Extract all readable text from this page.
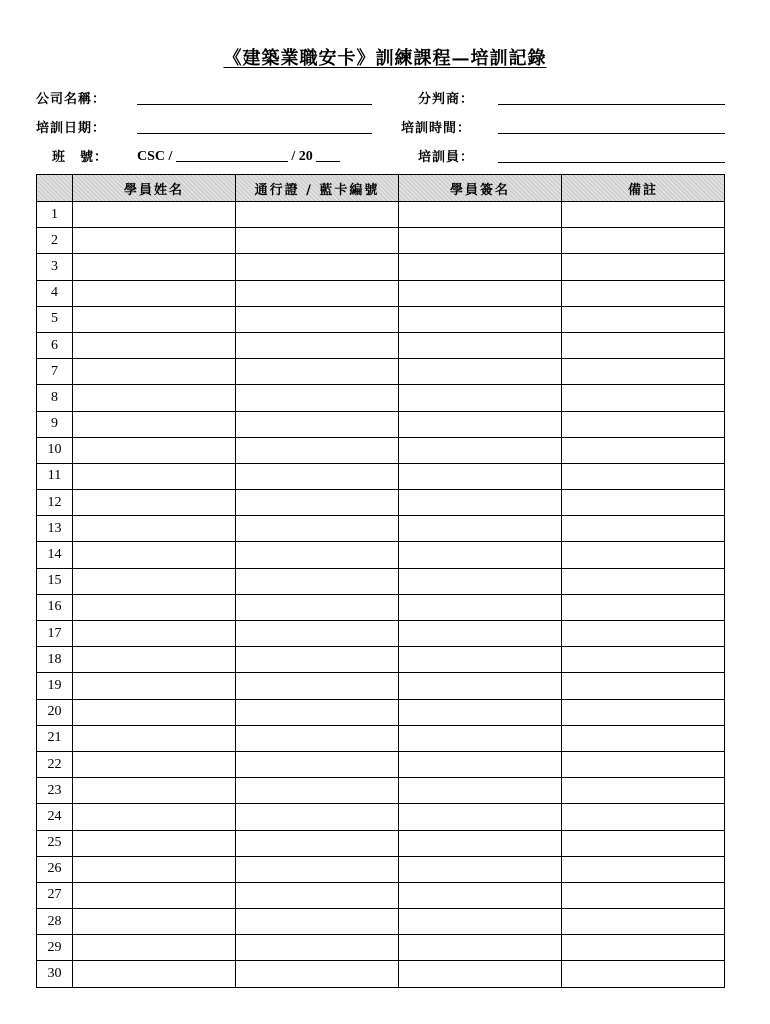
《建築業職安卡》訓練課程—培訓記錄
公司名稱：	分判商：
培訓日期：	培訓時間：
班　號： CSC /	/ 20	培訓員：
	學員姓名	通行證 / 藍卡編號	學員簽名	備註
1				
2				
3				
4				
5				
6				
7				
8				
9				
10				
11				
12				
13				
14				
15				
16				
17				
18				
19				
20				
21				
22				
23				
24				
25				
26				
27				
28				
29				
30				
